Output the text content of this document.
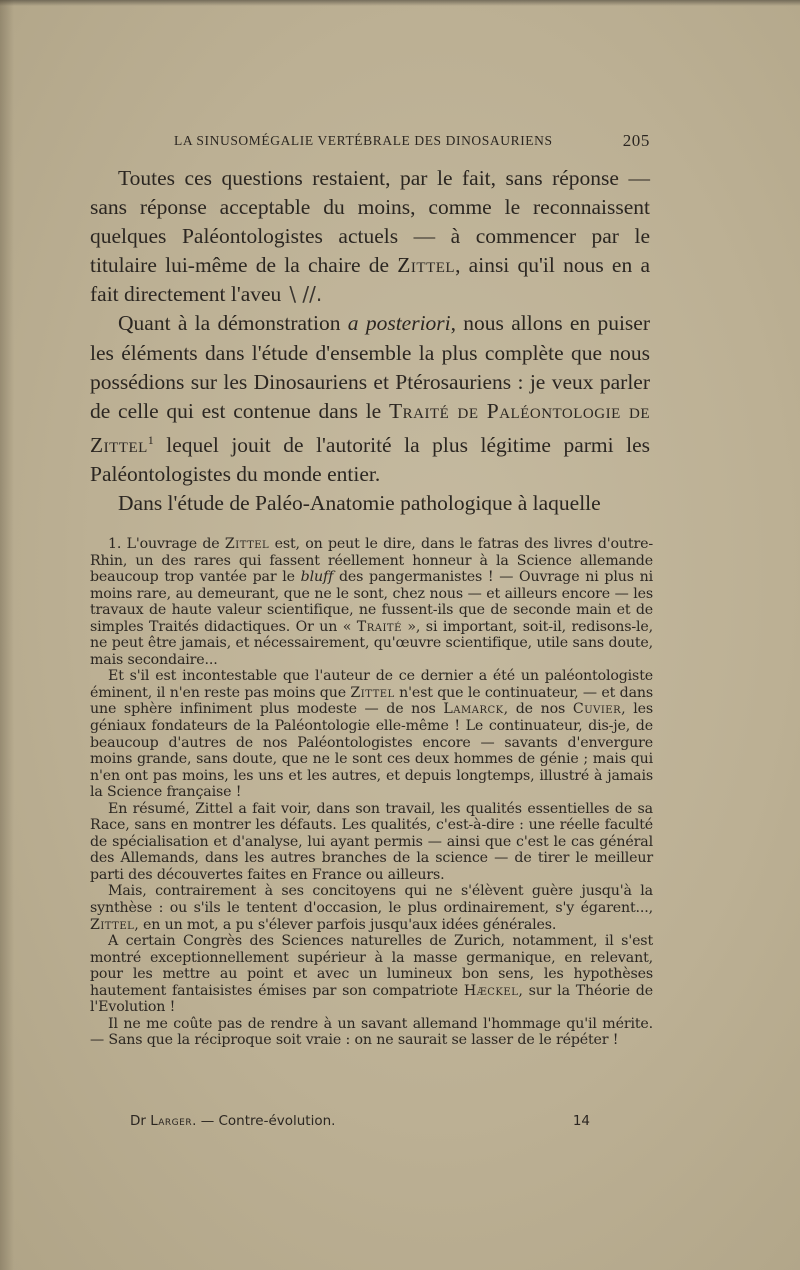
LA SINUSOMÉGALIE VERTÉBRALE DES DINOSAURIENS	205

Toutes ces questions restaient, par le fait, sans réponse — sans réponse acceptable du moins, comme le reconnaissent quelques Paléontologistes actuels — à commencer par le titulaire lui-même de la chaire de Zittel, ainsi qu'il nous en a fait directement l'aveu \ //.

Quant à la démonstration a posteriori, nous allons en puiser les éléments dans l'étude d'ensemble la plus complète que nous possédions sur les Dinosauriens et Ptérosauriens : je veux parler de celle qui est contenue dans le Traité de Paléontologie de Zittel$^1$ lequel jouit de l'autorité la plus légitime parmi les Paléontologistes du monde entier.

Dans l'étude de Paléo-Anatomie pathologique à laquelle

1. L'ouvrage de Zittel est, on peut le dire, dans le fatras des livres d'outre-Rhin, un des rares qui fassent réellement honneur à la Science allemande beaucoup trop vantée par le bluff des pangermanistes ! — Ouvrage ni plus ni moins rare, au demeurant, que ne le sont, chez nous — et ailleurs encore — les travaux de haute valeur scientifique, ne fussent-ils que de seconde main et de simples Traités didactiques. Or un « Traité », si important, soit-il, redisons-le, ne peut être jamais, et nécessairement, qu'œuvre scientifique, utile sans doute, mais secondaire...

Et s'il est incontestable que l'auteur de ce dernier a été un paléontologiste éminent, il n'en reste pas moins que Zittel n'est que le continuateur, — et dans une sphère infiniment plus modeste — de nos Lamarck, de nos Cuvier, les géniaux fondateurs de la Paléontologie elle-même ! Le continuateur, dis-je, de beaucoup d'autres de nos Paléontologistes encore — savants d'envergure moins grande, sans doute, que ne le sont ces deux hommes de génie ; mais qui n'en ont pas moins, les uns et les autres, et depuis longtemps, illustré à jamais la Science française !

En résumé, Zittel a fait voir, dans son travail, les qualités essentielles de sa Race, sans en montrer les défauts. Les qualités, c'est-à-dire : une réelle faculté de spécialisation et d'analyse, lui ayant permis — ainsi que c'est le cas général des Allemands, dans les autres branches de la science — de tirer le meilleur parti des découvertes faites en France ou ailleurs.

Mais, contrairement à ses concitoyens qui ne s'élèvent guère jusqu'à la synthèse : ou s'ils le tentent d'occasion, le plus ordinairement, s'y égarent..., Zittel, en un mot, a pu s'élever parfois jusqu'aux idées générales.

A certain Congrès des Sciences naturelles de Zurich, notamment, il s'est montré exceptionnellement supérieur à la masse germanique, en relevant, pour les mettre au point et avec un lumineux bon sens, les hypothèses hautement fantaisistes émises par son compatriote Hæckel, sur la Théorie de l'Evolution !

Il ne me coûte pas de rendre à un savant allemand l'hommage qu'il mérite. — Sans que la réciproque soit vraie : on ne saurait se lasser de le répéter !

Dr Larger. — Contre-évolution.	14
